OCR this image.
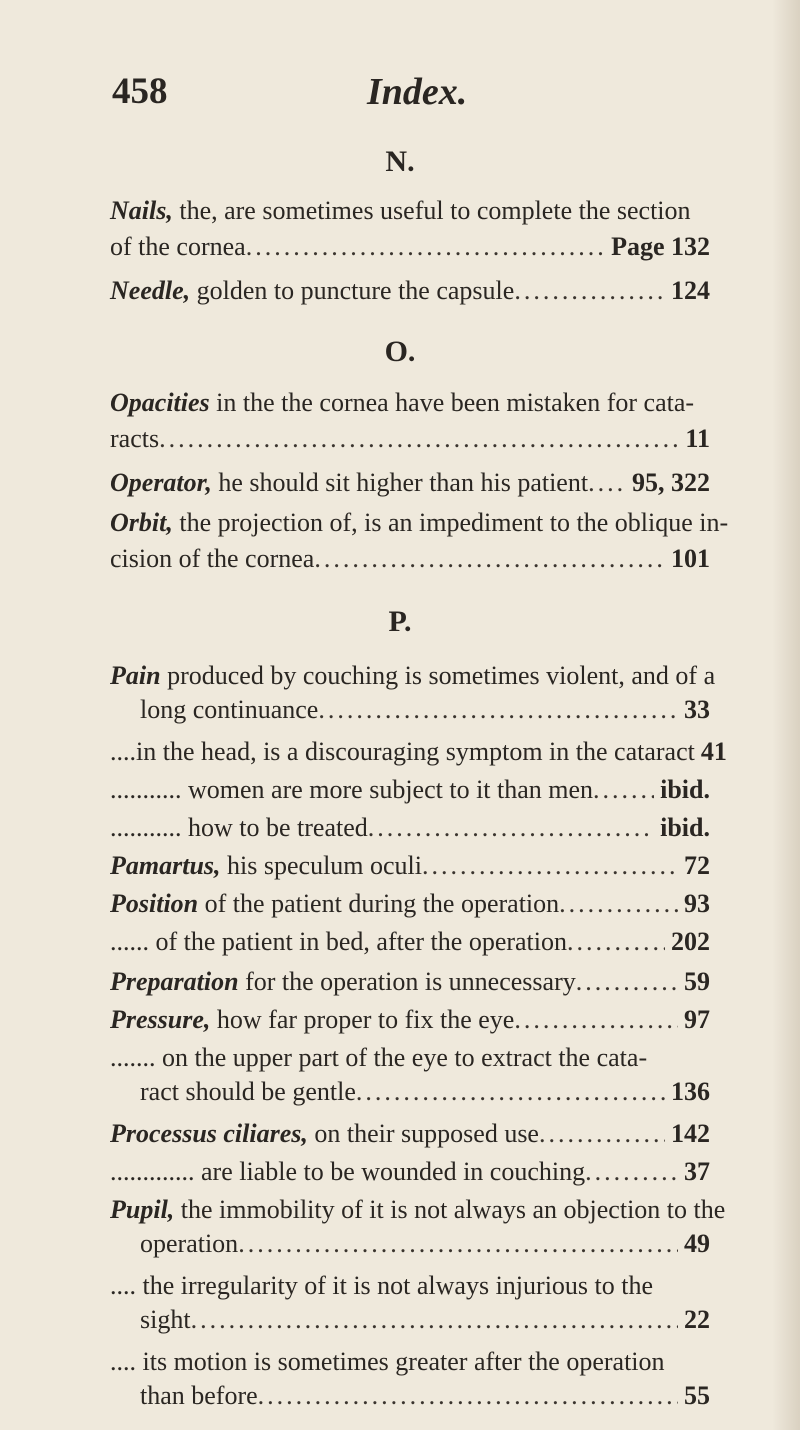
458	Index.
N.
Nails, the, are sometimes useful to complete the section
of the cornea .....	Page 132
Needle, golden to puncture the capsule .....	124
O.
Opacities in the the cornea have been mistaken for cata-
racts .....	11
Operator, he should sit higher than his patient ..... 95, 322
Orbit, the projection of, is an impediment to the oblique in-
cision of the cornea .....	101
P.
Pain produced by couching is sometimes violent, and of a
long continuance .....	33
....in the head, is a discouraging symptom in the cataract 41
........... women are more subject to it than men .....	ibid.
........... how to be treated .....	ibid.
Pamartus, his speculum oculi .....	72
Position of the patient during the operation .....	93
...... of the patient in bed, after the operation .....	202
Preparation for the operation is unnecessary .....	59
Pressure, how far proper to fix the eye .....	97
....... on the upper part of the eye to extract the cata-
ract should be gentle .....	136
Processus ciliares, on their supposed use .....	142
............. are liable to be wounded in couching .....	37
Pupil, the immobility of it is not always an objection to the
operation .....	49
.... the irregularity of it is not always injurious to the
sight .....	22
.... its motion is sometimes greater after the operation
than before .....	55
